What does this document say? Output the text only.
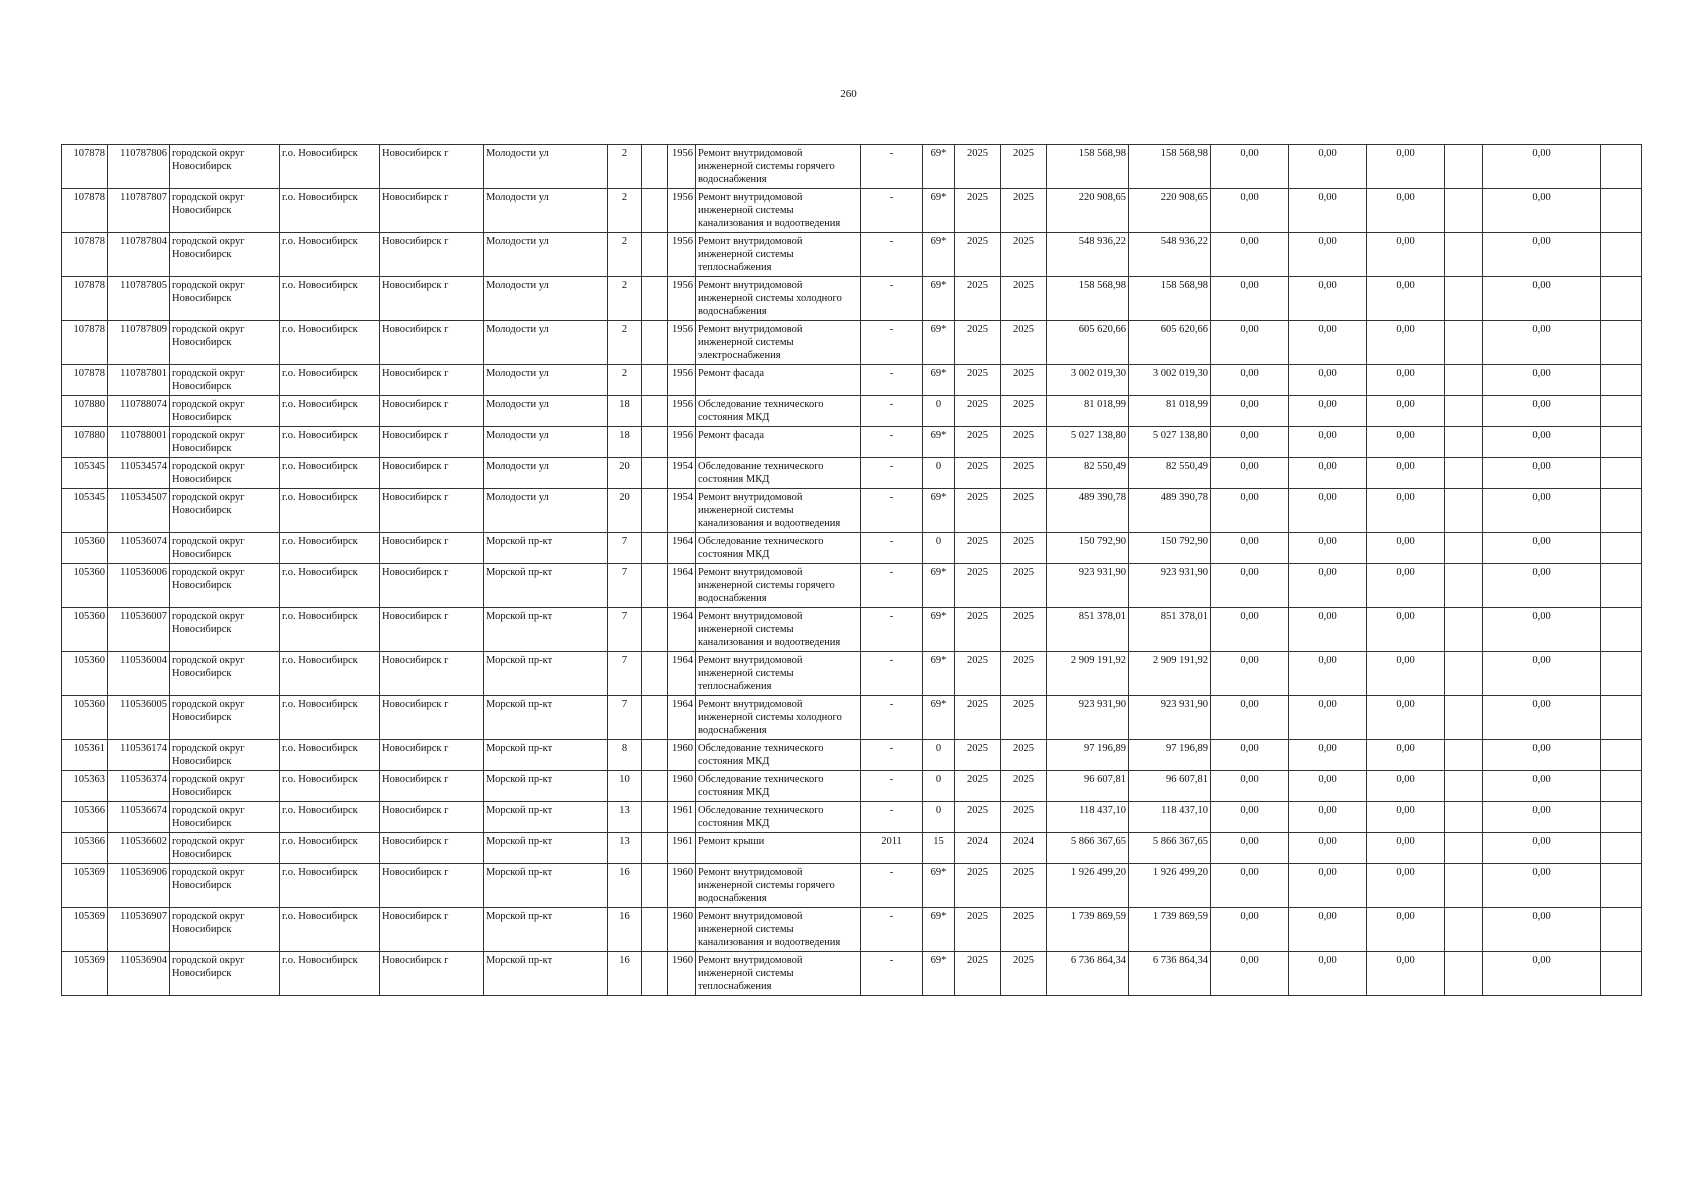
260
107878	110787806	городской округ Новосибирск	г.о. Новосибирск	Новосибирск г	Молодости ул	2		1956	Ремонт внутридомовой инженерной системы горячего водоснабжения	-	69*	2025	2025	158 568,98	158 568,98	0,00	0,00	0,00		0,00	
107878	110787807	городской округ Новосибирск	г.о. Новосибирск	Новосибирск г	Молодости ул	2		1956	Ремонт внутридомовой инженерной системы канализования и водоотведения	-	69*	2025	2025	220 908,65	220 908,65	0,00	0,00	0,00		0,00	
107878	110787804	городской округ Новосибирск	г.о. Новосибирск	Новосибирск г	Молодости ул	2		1956	Ремонт внутридомовой инженерной системы теплоснабжения	-	69*	2025	2025	548 936,22	548 936,22	0,00	0,00	0,00		0,00	
107878	110787805	городской округ Новосибирск	г.о. Новосибирск	Новосибирск г	Молодости ул	2		1956	Ремонт внутридомовой инженерной системы холодного водоснабжения	-	69*	2025	2025	158 568,98	158 568,98	0,00	0,00	0,00		0,00	
107878	110787809	городской округ Новосибирск	г.о. Новосибирск	Новосибирск г	Молодости ул	2		1956	Ремонт внутридомовой инженерной системы электроснабжения	-	69*	2025	2025	605 620,66	605 620,66	0,00	0,00	0,00		0,00	
107878	110787801	городской округ Новосибирск	г.о. Новосибирск	Новосибирск г	Молодости ул	2		1956	Ремонт фасада	-	69*	2025	2025	3 002 019,30	3 002 019,30	0,00	0,00	0,00		0,00	
107880	110788074	городской округ Новосибирск	г.о. Новосибирск	Новосибирск г	Молодости ул	18		1956	Обследование технического состояния МКД	-	0	2025	2025	81 018,99	81 018,99	0,00	0,00	0,00		0,00	
107880	110788001	городской округ Новосибирск	г.о. Новосибирск	Новосибирск г	Молодости ул	18		1956	Ремонт фасада	-	69*	2025	2025	5 027 138,80	5 027 138,80	0,00	0,00	0,00		0,00	
105345	110534574	городской округ Новосибирск	г.о. Новосибирск	Новосибирск г	Молодости ул	20		1954	Обследование технического состояния МКД	-	0	2025	2025	82 550,49	82 550,49	0,00	0,00	0,00		0,00	
105345	110534507	городской округ Новосибирск	г.о. Новосибирск	Новосибирск г	Молодости ул	20		1954	Ремонт внутридомовой инженерной системы канализования и водоотведения	-	69*	2025	2025	489 390,78	489 390,78	0,00	0,00	0,00		0,00	
105360	110536074	городской округ Новосибирск	г.о. Новосибирск	Новосибирск г	Морской пр-кт	7		1964	Обследование технического состояния МКД	-	0	2025	2025	150 792,90	150 792,90	0,00	0,00	0,00		0,00	
105360	110536006	городской округ Новосибирск	г.о. Новосибирск	Новосибирск г	Морской пр-кт	7		1964	Ремонт внутридомовой инженерной системы горячего водоснабжения	-	69*	2025	2025	923 931,90	923 931,90	0,00	0,00	0,00		0,00	
105360	110536007	городской округ Новосибирск	г.о. Новосибирск	Новосибирск г	Морской пр-кт	7		1964	Ремонт внутридомовой инженерной системы канализования и водоотведения	-	69*	2025	2025	851 378,01	851 378,01	0,00	0,00	0,00		0,00	
105360	110536004	городской округ Новосибирск	г.о. Новосибирск	Новосибирск г	Морской пр-кт	7		1964	Ремонт внутридомовой инженерной системы теплоснабжения	-	69*	2025	2025	2 909 191,92	2 909 191,92	0,00	0,00	0,00		0,00	
105360	110536005	городской округ Новосибирск	г.о. Новосибирск	Новосибирск г	Морской пр-кт	7		1964	Ремонт внутридомовой инженерной системы холодного водоснабжения	-	69*	2025	2025	923 931,90	923 931,90	0,00	0,00	0,00		0,00	
105361	110536174	городской округ Новосибирск	г.о. Новосибирск	Новосибирск г	Морской пр-кт	8		1960	Обследование технического состояния МКД	-	0	2025	2025	97 196,89	97 196,89	0,00	0,00	0,00		0,00	
105363	110536374	городской округ Новосибирск	г.о. Новосибирск	Новосибирск г	Морской пр-кт	10		1960	Обследование технического состояния МКД	-	0	2025	2025	96 607,81	96 607,81	0,00	0,00	0,00		0,00	
105366	110536674	городской округ Новосибирск	г.о. Новосибирск	Новосибирск г	Морской пр-кт	13		1961	Обследование технического состояния МКД	-	0	2025	2025	118 437,10	118 437,10	0,00	0,00	0,00		0,00	
105366	110536602	городской округ Новосибирск	г.о. Новосибирск	Новосибирск г	Морской пр-кт	13		1961	Ремонт крыши	2011	15	2024	2024	5 866 367,65	5 866 367,65	0,00	0,00	0,00		0,00	
105369	110536906	городской округ Новосибирск	г.о. Новосибирск	Новосибирск г	Морской пр-кт	16		1960	Ремонт внутридомовой инженерной системы горячего водоснабжения	-	69*	2025	2025	1 926 499,20	1 926 499,20	0,00	0,00	0,00		0,00	
105369	110536907	городской округ Новосибирск	г.о. Новосибирск	Новосибирск г	Морской пр-кт	16		1960	Ремонт внутридомовой инженерной системы канализования и водоотведения	-	69*	2025	2025	1 739 869,59	1 739 869,59	0,00	0,00	0,00		0,00	
105369	110536904	городской округ Новосибирск	г.о. Новосибирск	Новосибирск г	Морской пр-кт	16		1960	Ремонт внутридомовой инженерной системы теплоснабжения	-	69*	2025	2025	6 736 864,34	6 736 864,34	0,00	0,00	0,00		0,00	
